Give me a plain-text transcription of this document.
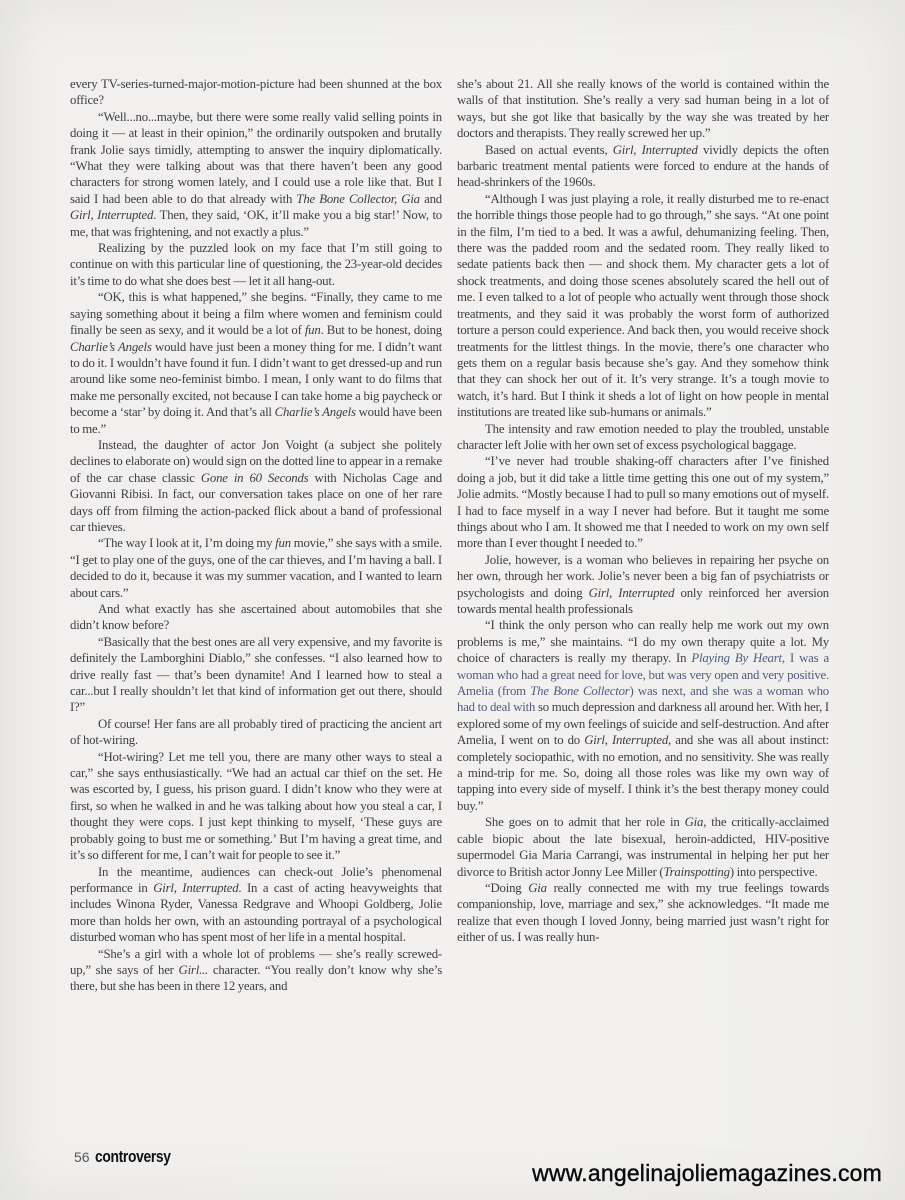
every TV-series-turned-major-motion-picture had been shunned at the box office?

“Well...no...maybe, but there were some really valid selling points in doing it — at least in their opinion,” the ordinarily outspoken and brutally frank Jolie says timidly, attempting to answer the inquiry diplomatically. “What they were talking about was that there haven’t been any good characters for strong women lately, and I could use a role like that. But I said I had been able to do that already with The Bone Collector, Gia and Girl, Interrupted. Then, they said, ‘OK, it’ll make you a big star!’ Now, to me, that was frightening, and not exactly a plus.”

Realizing by the puzzled look on my face that I’m still going to continue on with this particular line of questioning, the 23-year-old decides it’s time to do what she does best — let it all hang-out.

“OK, this is what happened,” she begins. “Finally, they came to me saying something about it being a film where women and feminism could finally be seen as sexy, and it would be a lot of fun. But to be honest, doing Charlie’s Angels would have just been a money thing for me. I didn’t want to do it. I wouldn’t have found it fun. I didn’t want to get dressed-up and run around like some neo-feminist bimbo. I mean, I only want to do films that make me personally excited, not because I can take home a big paycheck or become a ‘star’ by doing it. And that’s all Charlie’s Angels would have been to me.”

Instead, the daughter of actor Jon Voight (a subject she politely declines to elaborate on) would sign on the dotted line to appear in a remake of the car chase classic Gone in 60 Seconds with Nicholas Cage and Giovanni Ribisi. In fact, our conversation takes place on one of her rare days off from filming the action-packed flick about a band of professional car thieves.

“The way I look at it, I’m doing my fun movie,” she says with a smile. “I get to play one of the guys, one of the car thieves, and I’m having a ball. I decided to do it, because it was my summer vacation, and I wanted to learn about cars.”

And what exactly has she ascertained about automobiles that she didn’t know before?

“Basically that the best ones are all very expensive, and my favorite is definitely the Lamborghini Diablo,” she confesses. “I also learned how to drive really fast — that’s been dynamite! And I learned how to steal a car...but I really shouldn’t let that kind of information get out there, should I?”

Of course! Her fans are all probably tired of practicing the ancient art of hot-wiring.

“Hot-wiring? Let me tell you, there are many other ways to steal a car,” she says enthusiastically. “We had an actual car thief on the set. He was escorted by, I guess, his prison guard. I didn’t know who they were at first, so when he walked in and he was talking about how you steal a car, I thought they were cops. I just kept thinking to myself, ‘These guys are probably going to bust me or something.’ But I’m having a great time, and it’s so different for me, I can’t wait for people to see it.”

In the meantime, audiences can check-out Jolie’s phenomenal performance in Girl, Interrupted. In a cast of acting heavyweights that includes Winona Ryder, Vanessa Redgrave and Whoopi Goldberg, Jolie more than holds her own, with an astounding portrayal of a psychological disturbed woman who has spent most of her life in a mental hospital.

“She’s a girl with a whole lot of problems — she’s really screwed-up,” she says of her Girl... character. “You really don’t know why she’s there, but she has been in there 12 years, and

she’s about 21. All she really knows of the world is contained within the walls of that institution. She’s really a very sad human being in a lot of ways, but she got like that basically by the way she was treated by her doctors and therapists. They really screwed her up.”

Based on actual events, Girl, Interrupted vividly depicts the often barbaric treatment mental patients were forced to endure at the hands of head-shrinkers of the 1960s.

“Although I was just playing a role, it really disturbed me to re-enact the horrible things those people had to go through,” she says. “At one point in the film, I’m tied to a bed. It was a awful, dehumanizing feeling. Then, there was the padded room and the sedated room. They really liked to sedate patients back then — and shock them. My character gets a lot of shock treatments, and doing those scenes absolutely scared the hell out of me. I even talked to a lot of people who actually went through those shock treatments, and they said it was probably the worst form of authorized torture a person could experience. And back then, you would receive shock treatments for the littlest things. In the movie, there’s one character who gets them on a regular basis because she’s gay. And they somehow think that they can shock her out of it. It’s very strange. It’s a tough movie to watch, it’s hard. But I think it sheds a lot of light on how people in mental institutions are treated like sub-humans or animals.”

The intensity and raw emotion needed to play the troubled, unstable character left Jolie with her own set of excess psychological baggage.

“I’ve never had trouble shaking-off characters after I’ve finished doing a job, but it did take a little time getting this one out of my system,” Jolie admits. “Mostly because I had to pull so many emotions out of myself. I had to face myself in a way I never had before. But it taught me some things about who I am. It showed me that I needed to work on my own self more than I ever thought I needed to.”

Jolie, however, is a woman who believes in repairing her psyche on her own, through her work. Jolie’s never been a big fan of psychiatrists or psychologists and doing Girl, Interrupted only reinforced her aversion towards mental health professionals

“I think the only person who can really help me work out my own problems is me,” she maintains. “I do my own therapy quite a lot. My choice of characters is really my therapy. In Playing By Heart, I was a woman who had a great need for love, but was very open and very positive. Amelia (from The Bone Collector) was next, and she was a woman who had to deal with so much depression and darkness all around her. With her, I explored some of my own feelings of suicide and self-destruction. And after Amelia, I went on to do Girl, Interrupted, and she was all about instinct: completely sociopathic, with no emotion, and no sensitivity. She was really a mind-trip for me. So, doing all those roles was like my own way of tapping into every side of myself. I think it’s the best therapy money could buy.”

She goes on to admit that her role in Gia, the critically-acclaimed cable biopic about the late bisexual, heroin-addicted, HIV-positive supermodel Gia Maria Carrangi, was instrumental in helping her put her divorce to British actor Jonny Lee Miller (Trainspotting) into perspective.

“Doing Gia really connected me with my true feelings towards companionship, love, marriage and sex,” she acknowledges. “It made me realize that even though I loved Jonny, being married just wasn’t right for either of us. I was really hun-

56 controversy
www.angelinajoliemagazines.com
